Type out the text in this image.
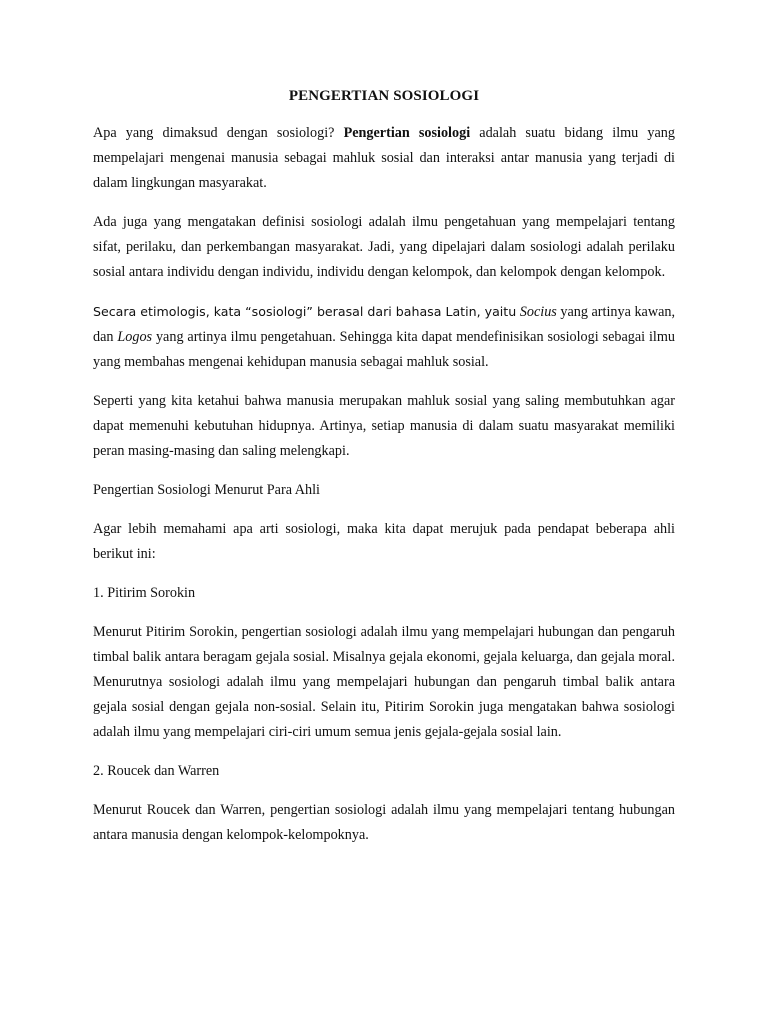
PENGERTIAN SOSIOLOGI

Apa yang dimaksud dengan sosiologi? Pengertian sosiologi adalah suatu bidang ilmu yang mempelajari mengenai manusia sebagai mahluk sosial dan interaksi antar manusia yang terjadi di dalam lingkungan masyarakat.

Ada juga yang mengatakan definisi sosiologi adalah ilmu pengetahuan yang mempelajari tentang sifat, perilaku, dan perkembangan masyarakat. Jadi, yang dipelajari dalam sosiologi adalah perilaku sosial antara individu dengan individu, individu dengan kelompok, dan kelompok dengan kelompok.

Secara etimologis, kata “sosiologi” berasal dari bahasa Latin, yaitu Socius yang artinya kawan, dan Logos yang artinya ilmu pengetahuan. Sehingga kita dapat mendefinisikan sosiologi sebagai ilmu yang membahas mengenai kehidupan manusia sebagai mahluk sosial.

Seperti yang kita ketahui bahwa manusia merupakan mahluk sosial yang saling membutuhkan agar dapat memenuhi kebutuhan hidupnya. Artinya, setiap manusia di dalam suatu masyarakat memiliki peran masing-masing dan saling melengkapi.

Pengertian Sosiologi Menurut Para Ahli

Agar lebih memahami apa arti sosiologi, maka kita dapat merujuk pada pendapat beberapa ahli berikut ini:

1. Pitirim Sorokin

Menurut Pitirim Sorokin, pengertian sosiologi adalah ilmu yang mempelajari hubungan dan pengaruh timbal balik antara beragam gejala sosial. Misalnya gejala ekonomi, gejala keluarga, dan gejala moral. Menurutnya sosiologi adalah ilmu yang mempelajari hubungan dan pengaruh timbal balik antara gejala sosial dengan gejala non-sosial. Selain itu, Pitirim Sorokin juga mengatakan bahwa sosiologi adalah ilmu yang mempelajari ciri-ciri umum semua jenis gejala-gejala sosial lain.

2. Roucek dan Warren

Menurut Roucek dan Warren, pengertian sosiologi adalah ilmu yang mempelajari tentang hubungan antara manusia dengan kelompok-kelompoknya.
